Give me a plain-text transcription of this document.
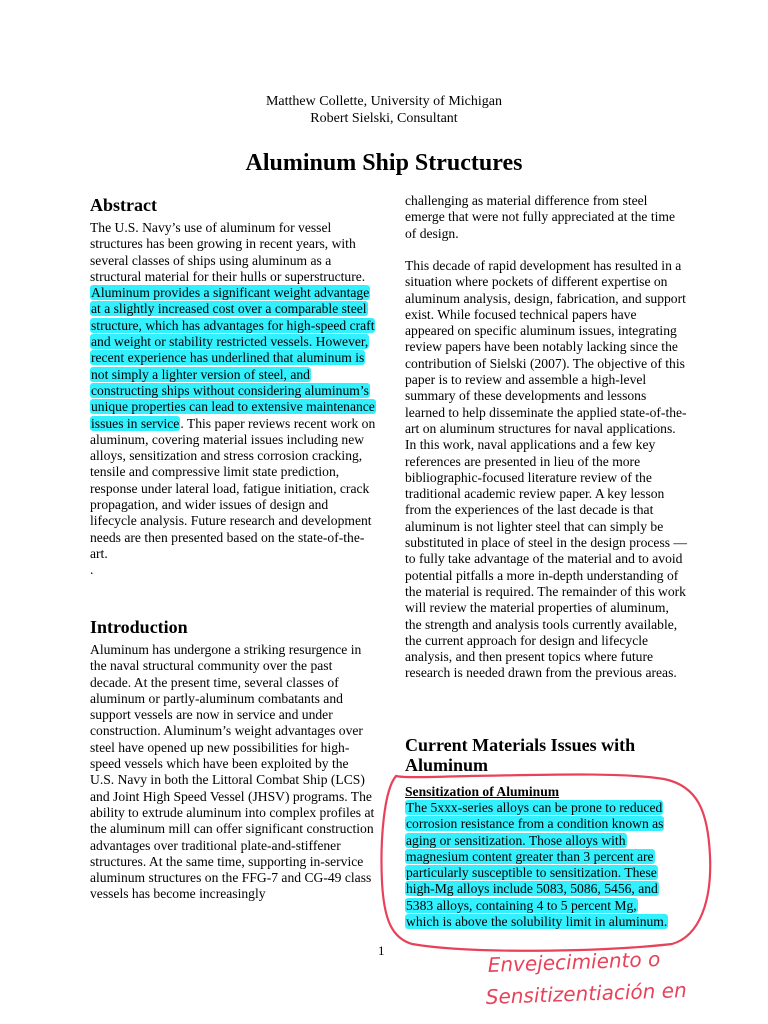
Matthew Collette, University of Michigan
Robert Sielski, Consultant
Aluminum Ship Structures
Abstract
The U.S. Navy’s use of aluminum for vessel structures has been growing in recent years, with several classes of ships using aluminum as a structural material for their hulls or superstructure. Aluminum provides a significant weight advantage at a slightly increased cost over a comparable steel structure, which has advantages for high-speed craft and weight or stability restricted vessels. However, recent experience has underlined that aluminum is not simply a lighter version of steel, and constructing ships without considering aluminum’s unique properties can lead to extensive maintenance issues in service. This paper reviews recent work on aluminum, covering material issues including new alloys, sensitization and stress corrosion cracking, tensile and compressive limit state prediction, response under lateral load, fatigue initiation, crack propagation, and wider issues of design and lifecycle analysis. Future research and development needs are then presented based on the state-of-the-art.
.
Introduction
Aluminum has undergone a striking resurgence in the naval structural community over the past decade. At the present time, several classes of aluminum or partly-aluminum combatants and support vessels are now in service and under construction. Aluminum’s weight advantages over steel have opened up new possibilities for high-speed vessels which have been exploited by the U.S. Navy in both the Littoral Combat Ship (LCS) and Joint High Speed Vessel (JHSV) programs. The ability to extrude aluminum into complex profiles at the aluminum mill can offer significant construction advantages over traditional plate-and-stiffener structures. At the same time, supporting in-service aluminum structures on the FFG-7 and CG-49 class vessels has become increasingly
challenging as material difference from steel emerge that were not fully appreciated at the time of design.
This decade of rapid development has resulted in a situation where pockets of different expertise on aluminum analysis, design, fabrication, and support exist. While focused technical papers have appeared on specific aluminum issues, integrating review papers have been notably lacking since the contribution of Sielski (2007). The objective of this paper is to review and assemble a high-level summary of these developments and lessons learned to help disseminate the applied state-of-the-art on aluminum structures for naval applications. In this work, naval applications and a few key references are presented in lieu of the more bibliographic-focused literature review of the traditional academic review paper. A key lesson from the experiences of the last decade is that aluminum is not lighter steel that can simply be substituted in place of steel in the design process — to fully take advantage of the material and to avoid potential pitfalls a more in-depth understanding of the material is required. The remainder of this work will review the material properties of aluminum, the strength and analysis tools currently available, the current approach for design and lifecycle analysis, and then present topics where future research is needed drawn from the previous areas.
Current Materials Issues with Aluminum
Sensitization of Aluminum
The 5xxx-series alloys can be prone to reduced corrosion resistance from a condition known as aging or sensitization. Those alloys with magnesium content greater than 3 percent are particularly susceptible to sensitization. These high-Mg alloys include 5083, 5086, 5456, and 5383 alloys, containing 4 to 5 percent Mg, which is above the solubility limit in aluminum.
1	Envejecimiento o
Sensitizentiación en
